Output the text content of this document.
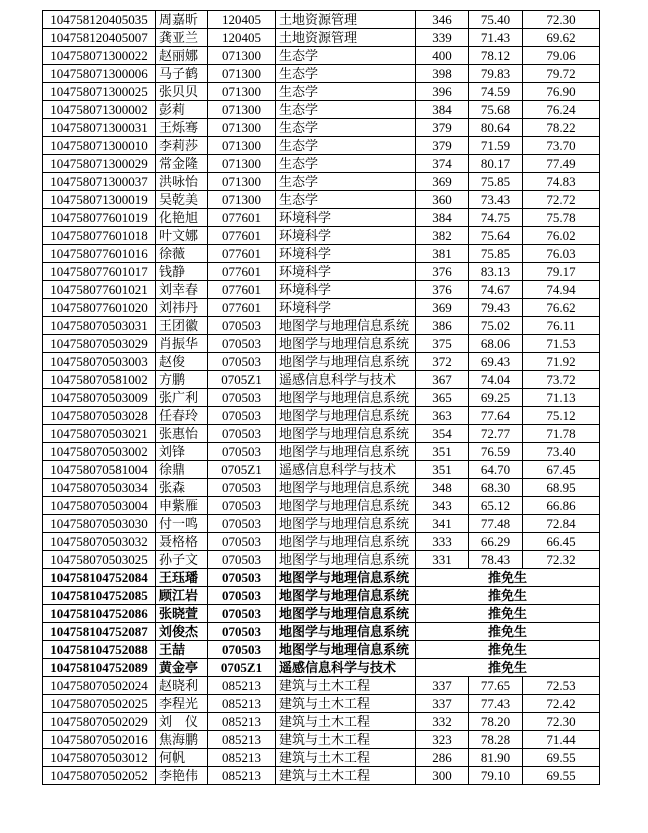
104758120405035	周嘉昕	120405	土地资源管理	346	75.40	72.30
104758120405007	龚亚兰	120405	土地资源管理	339	71.43	69.62
104758071300022	赵丽娜	071300	生态学	400	78.12	79.06
104758071300006	马子鹤	071300	生态学	398	79.83	79.72
104758071300025	张贝贝	071300	生态学	396	74.59	76.90
104758071300002	彭莉	071300	生态学	384	75.68	76.24
104758071300031	王烁骞	071300	生态学	379	80.64	78.22
104758071300010	李莉莎	071300	生态学	379	71.59	73.70
104758071300029	常金隆	071300	生态学	374	80.17	77.49
104758071300037	洪咏怡	071300	生态学	369	75.85	74.83
104758071300019	吴乾美	071300	生态学	360	73.43	72.72
104758077601019	化艳旭	077601	环境科学	384	74.75	75.78
104758077601018	叶文娜	077601	环境科学	382	75.64	76.02
104758077601016	徐薇	077601	环境科学	381	75.85	76.03
104758077601017	钱静	077601	环境科学	376	83.13	79.17
104758077601021	刘幸春	077601	环境科学	376	74.67	74.94
104758077601020	刘祎丹	077601	环境科学	369	79.43	76.62
104758070503031	王团徽	070503	地图学与地理信息系统	386	75.02	76.11
104758070503029	肖振华	070503	地图学与地理信息系统	375	68.06	71.53
104758070503003	赵俊	070503	地图学与地理信息系统	372	69.43	71.92
104758070581002	方鹏	0705Z1	遥感信息科学与技术	367	74.04	73.72
104758070503009	张广利	070503	地图学与地理信息系统	365	69.25	71.13
104758070503028	任春玲	070503	地图学与地理信息系统	363	77.64	75.12
104758070503021	张惠怡	070503	地图学与地理信息系统	354	72.77	71.78
104758070503002	刘锋	070503	地图学与地理信息系统	351	76.59	73.40
104758070581004	徐鼎	0705Z1	遥感信息科学与技术	351	64.70	67.45
104758070503034	张森	070503	地图学与地理信息系统	348	68.30	68.95
104758070503004	申紫雁	070503	地图学与地理信息系统	343	65.12	66.86
104758070503030	付一鸣	070503	地图学与地理信息系统	341	77.48	72.84
104758070503032	聂格格	070503	地图学与地理信息系统	333	66.29	66.45
104758070503025	孙子文	070503	地图学与地理信息系统	331	78.43	72.32
104758104752084	王珏璠	070503	地图学与地理信息系统	推免生		
104758104752085	顾江岩	070503	地图学与地理信息系统	推免生		
104758104752086	张晓萱	070503	地图学与地理信息系统	推免生		
104758104752087	刘俊杰	070503	地图学与地理信息系统	推免生		
104758104752088	王喆	070503	地图学与地理信息系统	推免生		
104758104752089	黄金亭	0705Z1	遥感信息科学与技术	推免生		
104758070502024	赵晓利	085213	建筑与土木工程	337	77.65	72.53
104758070502025	李程光	085213	建筑与土木工程	337	77.43	72.42
104758070502029	刘　仪	085213	建筑与土木工程	332	78.20	72.30
104758070502016	焦海鹏	085213	建筑与土木工程	323	78.28	71.44
104758070503012	何帆	085213	建筑与土木工程	286	81.90	69.55
104758070502052	李艳伟	085213	建筑与土木工程	300	79.10	69.55
